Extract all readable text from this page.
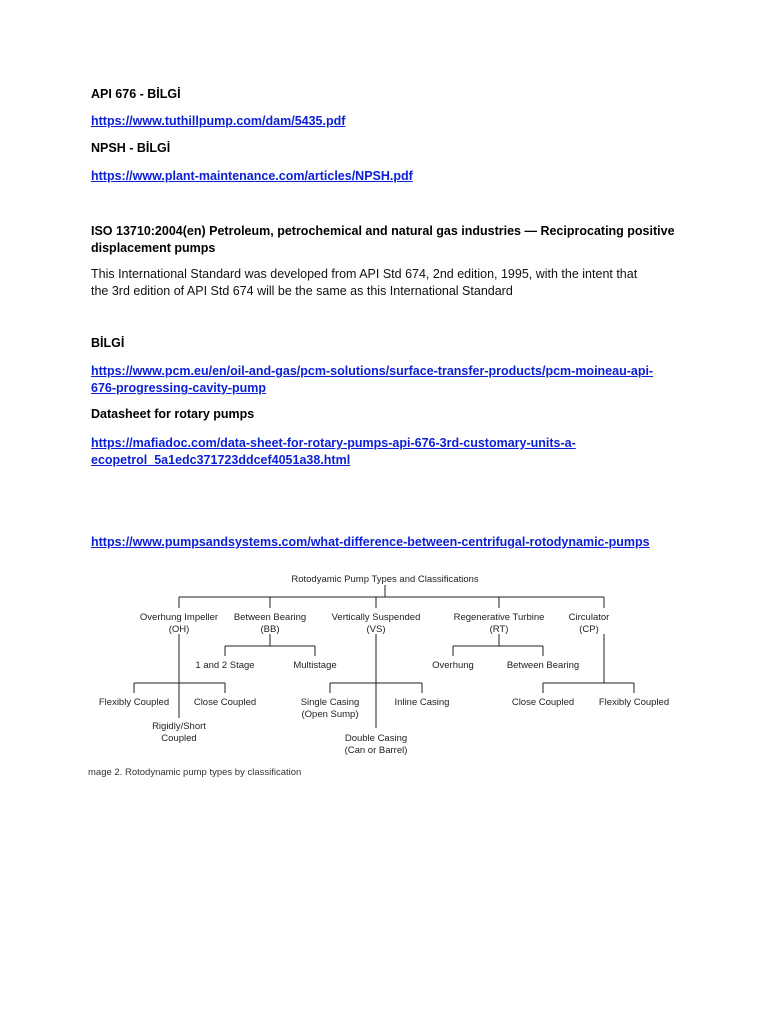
API 676 - BİLGİ
https://www.tuthillpump.com/dam/5435.pdf
NPSH - BİLGİ
https://www.plant-maintenance.com/articles/NPSH.pdf
ISO 13710:2004(en) Petroleum, petrochemical and natural gas industries — Reciprocating positive
displacement pumps
This International Standard was developed from API Std 674, 2nd edition, 1995, with the intent that
the 3rd edition of API Std 674 will be the same as this International Standard
BİLGİ
https://www.pcm.eu/en/oil-and-gas/pcm-solutions/surface-transfer-products/pcm-moineau-api-
676-progressing-cavity-pump
Datasheet for rotary pumps
https://mafiadoc.com/data-sheet-for-rotary-pumps-api-676-3rd-customary-units-a-
ecopetrol_5a1edc371723ddcef4051a38.html
https://www.pumpsandsystems.com/what-difference-between-centrifugal-rotodynamic-pumps
Rotodyamic Pump Types and Classifications
Overhung Impeller
(OH)
Between Bearing
(BB)
Vertically Suspended
(VS)
Regenerative Turbine
(RT)
Circulator
(CP)
1 and 2 Stage	Multistage	Overhung	Between Bearing
Flexibly Coupled	Close Coupled
Rigidly/Short
Coupled
Single Casing
(Open Sump)
Inline Casing
Double Casing
(Can or Barrel)
Close Coupled	Flexibly Coupled
mage 2. Rotodynamic pump types by classification
